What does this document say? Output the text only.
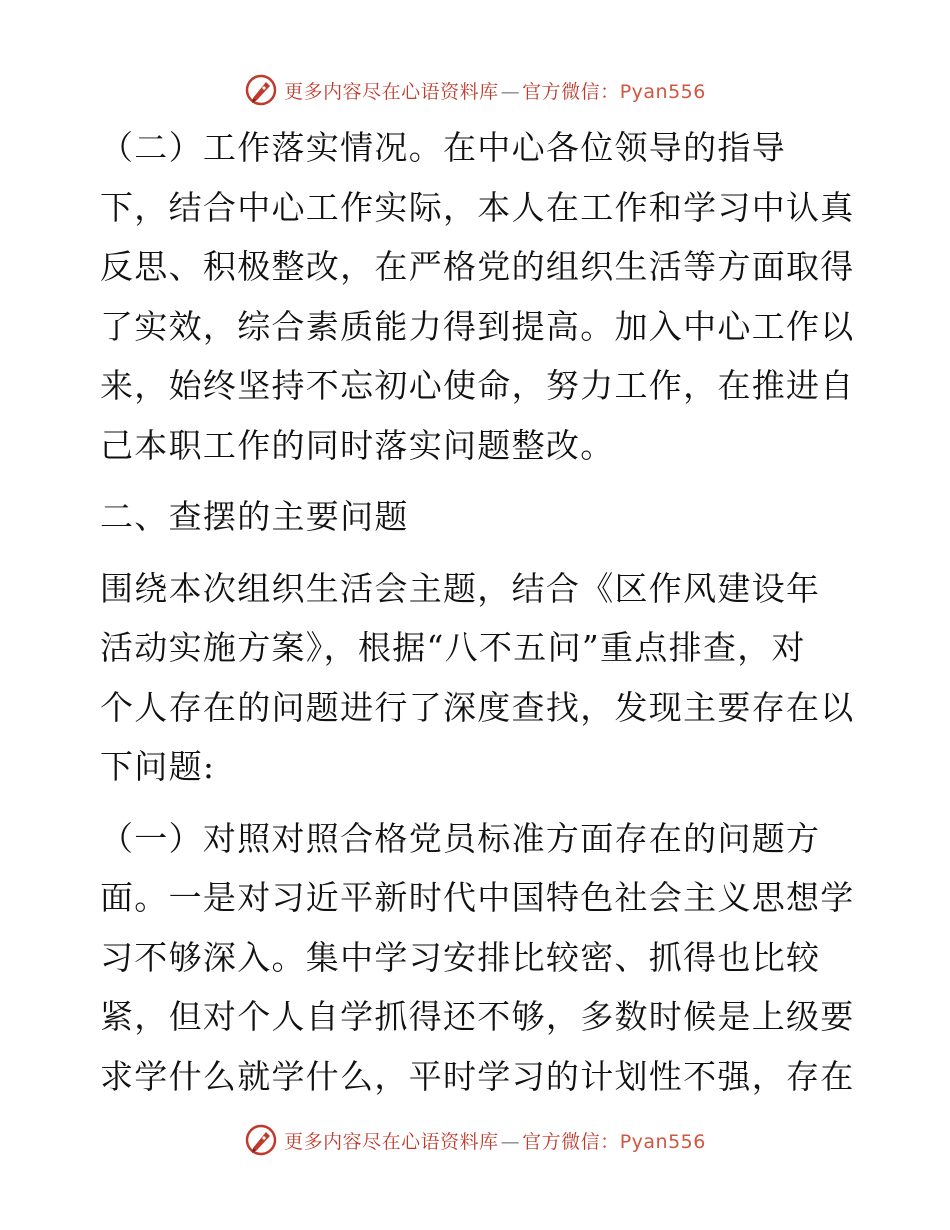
更多内容尽在心语资料库 — 官方微信：Pyan556
（二）工作落实情况。在中心各位领导的指导
下，结合中心工作实际，本人在工作和学习中认真
反思、积极整改，在严格党的组织生活等方面取得
了实效，综合素质能力得到提高。加入中心工作以
来，始终坚持不忘初心使命，努力工作，在推进自
己本职工作的同时落实问题整改。
二、查摆的主要问题
围绕本次组织生活会主题，结合《区作风建设年
活动实施方案》，根据“八不五问”重点排查，对
个人存在的问题进行了深度查找，发现主要存在以
下问题:
（一）对照对照合格党员标准方面存在的问题方
面。一是对习近平新时代中国特色社会主义思想学
习不够深入。集中学习安排比较密、抓得也比较
紧，但对个人自学抓得还不够，多数时候是上级要
求学什么就学什么，平时学习的计划性不强，存在
更多内容尽在心语资料库 — 官方微信：Pyan556
